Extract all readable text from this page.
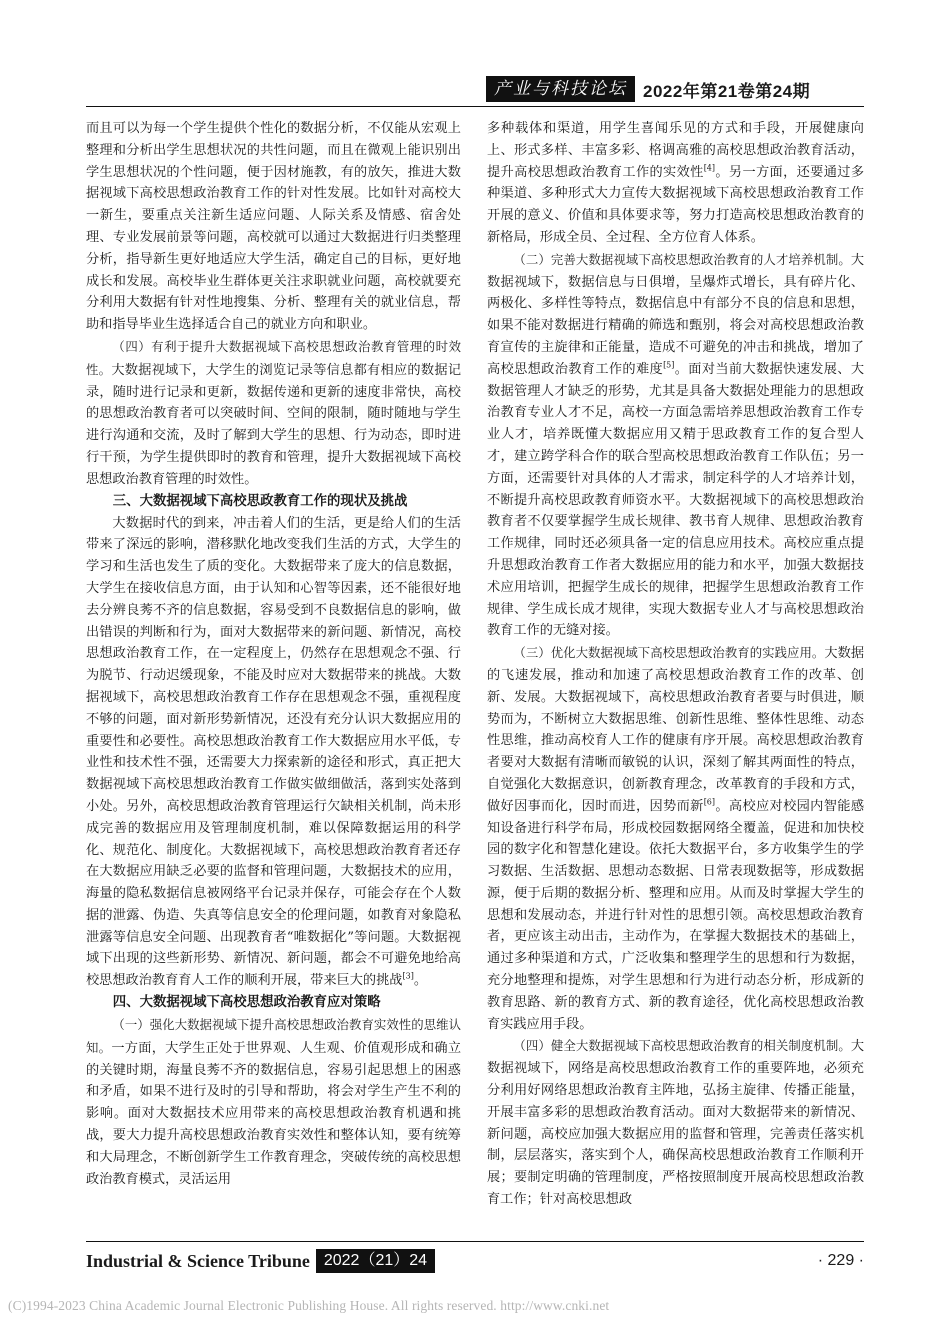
产业与科技论坛 2022年第21卷第24期

而且可以为每一个学生提供个性化的数据分析，不仅能从宏观上整理和分析出学生思想状况的共性问题，而且在微观上能识别出学生思想状况的个性问题，便于因材施教，有的放矢，推进大数据视域下高校思想政治教育工作的针对性发展。比如针对高校大一新生，要重点关注新生适应问题、人际关系及情感、宿舍处理、专业发展前景等问题，高校就可以通过大数据进行归类整理分析，指导新生更好地适应大学生活，确定自己的目标，更好地成长和发展。高校毕业生群体更关注求职就业问题，高校就要充分利用大数据有针对性地搜集、分析、整理有关的就业信息，帮助和指导毕业生选择适合自己的就业方向和职业。

（四）有利于提升大数据视域下高校思想政治教育管理的时效性。大数据视域下，大学生的浏览记录等信息都有相应的数据记录，随时进行记录和更新，数据传递和更新的速度非常快，高校的思想政治教育者可以突破时间、空间的限制，随时随地与学生进行沟通和交流，及时了解到大学生的思想、行为动态，即时进行干预，为学生提供即时的教育和管理，提升大数据视域下高校思想政治教育管理的时效性。

三、大数据视域下高校思政教育工作的现状及挑战

大数据时代的到来，冲击着人们的生活，更是给人们的生活带来了深远的影响，潜移默化地改变我们生活的方式，大学生的学习和生活也发生了质的变化。大数据带来了庞大的信息数据，大学生在接收信息方面，由于认知和心智等因素，还不能很好地去分辨良莠不齐的信息数据，容易受到不良数据信息的影响，做出错误的判断和行为，面对大数据带来的新问题、新情况，高校思想政治教育工作，在一定程度上，仍然存在思想观念不强、行为脱节、行动迟缓现象，不能及时应对大数据带来的挑战。大数据视域下，高校思想政治教育工作存在思想观念不强，重视程度不够的问题，面对新形势新情况，还没有充分认识大数据应用的重要性和必要性。高校思想政治教育工作大数据应用水平低，专业性和技术性不强，还需要大力探索新的途径和形式，真正把大数据视域下高校思想政治教育工作做实做细做活，落到实处落到小处。另外，高校思想政治教育管理运行欠缺相关机制，尚未形成完善的数据应用及管理制度机制，难以保障数据运用的科学化、规范化、制度化。大数据视域下，高校思想政治教育者还存在大数据应用缺乏必要的监督和管理问题，大数据技术的应用，海量的隐私数据信息被网络平台记录并保存，可能会存在个人数据的泄露、伪造、失真等信息安全的伦理问题，如教育对象隐私泄露等信息安全问题、出现教育者“唯数据化”等问题。大数据视域下出现的这些新形势、新情况、新问题，都会不可避免地给高校思想政治教育育人工作的顺利开展，带来巨大的挑战[3]。

四、大数据视域下高校思想政治教育应对策略

（一）强化大数据视域下提升高校思想政治教育实效性的思维认知。一方面，大学生正处于世界观、人生观、价值观形成和确立的关键时期，海量良莠不齐的数据信息，容易引起思想上的困惑和矛盾，如果不进行及时的引导和帮助，将会对学生产生不利的影响。面对大数据技术应用带来的高校思想政治教育机遇和挑战，要大力提升高校思想政治教育实效性和整体认知，要有统筹和大局理念，不断创新学生工作教育理念，突破传统的高校思想政治教育模式，灵活运用

多种载体和渠道，用学生喜闻乐见的方式和手段，开展健康向上、形式多样、丰富多彩、格调高雅的高校思想政治教育活动，提升高校思想政治教育工作的实效性[4]。另一方面，还要通过多种渠道、多种形式大力宣传大数据视域下高校思想政治教育工作开展的意义、价值和具体要求等，努力打造高校思想政治教育的新格局，形成全员、全过程、全方位育人体系。

（二）完善大数据视域下高校思想政治教育的人才培养机制。大数据视域下，数据信息与日俱增，呈爆炸式增长，具有碎片化、两极化、多样性等特点，数据信息中有部分不良的信息和思想，如果不能对数据进行精确的筛选和甄别，将会对高校思想政治教育宣传的主旋律和正能量，造成不可避免的冲击和挑战，增加了高校思想政治教育工作的难度[5]。面对当前大数据快速发展、大数据管理人才缺乏的形势，尤其是具备大数据处理能力的思想政治教育专业人才不足，高校一方面急需培养思想政治教育工作专业人才，培养既懂大数据应用又精于思政教育工作的复合型人才，建立跨学科合作的联合型高校思想政治教育工作队伍；另一方面，还需要针对具体的人才需求，制定科学的人才培养计划，不断提升高校思政教育师资水平。大数据视域下的高校思想政治教育者不仅要掌握学生成长规律、教书育人规律、思想政治教育工作规律，同时还必须具备一定的信息应用技术。高校应重点提升思想政治教育工作者大数据应用的能力和水平，加强大数据技术应用培训，把握学生成长的规律，把握学生思想政治教育工作规律、学生成长成才规律，实现大数据专业人才与高校思想政治教育工作的无缝对接。

（三）优化大数据视域下高校思想政治教育的实践应用。大数据的飞速发展，推动和加速了高校思想政治教育工作的改革、创新、发展。大数据视域下，高校思想政治教育者要与时俱进，顺势而为，不断树立大数据思维、创新性思维、整体性思维、动态性思维，推动高校育人工作的健康有序开展。高校思想政治教育者要对大数据有清晰而敏锐的认识，深刻了解其两面性的特点，自觉强化大数据意识，创新教育理念，改革教育的手段和方式，做好因事而化，因时而进，因势而新[6]。高校应对校园内智能感知设备进行科学布局，形成校园数据网络全覆盖，促进和加快校园的数字化和智慧化建设。依托大数据平台，多方收集学生的学习数据、生活数据、思想动态数据、日常表现数据等，形成数据源，便于后期的数据分析、整理和应用。从而及时掌握大学生的思想和发展动态，并进行针对性的思想引领。高校思想政治教育者，更应该主动出击，主动作为，在掌握大数据技术的基础上，通过多种渠道和方式，广泛收集和整理学生的思想和行为数据，充分地整理和提炼，对学生思想和行为进行动态分析，形成新的教育思路、新的教育方式、新的教育途径，优化高校思想政治教育实践应用手段。

（四）健全大数据视域下高校思想政治教育的相关制度机制。大数据视域下，网络是高校思想政治教育工作的重要阵地，必须充分利用好网络思想政治教育主阵地，弘扬主旋律、传播正能量，开展丰富多彩的思想政治教育活动。面对大数据带来的新情况、新问题，高校应加强大数据应用的监督和管理，完善责任落实机制，层层落实，落实到个人，确保高校思想政治教育工作顺利开展；要制定明确的管理制度，严格按照制度开展高校思想政治教育工作；针对高校思想政

Industrial & Science Tribune 2022（21）24	· 229 ·
(C)1994-2023 China Academic Journal Electronic Publishing House. All rights reserved. http://www.cnki.net
